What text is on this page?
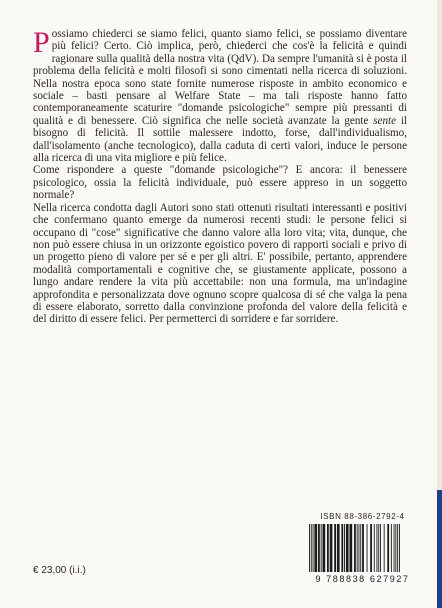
Possiamo chiederci se siamo felici, quanto siamo felici, se possiamo diventare più felici? Certo. Ciò implica, però, chiederci che cos'è la felicità e quindi ragionare sulla qualità della nostra vita (QdV). Da sempre l'umanità si è posta il problema della felicità e molti filosofi si sono cimentati nella ricerca di soluzioni. Nella nostra epoca sono state fornite numerose risposte in ambito economico e sociale – basti pensare al Welfare State – ma tali risposte hanno fatto contemporaneamente scaturire "domande psicologiche" sempre più pressanti di qualità e di benessere. Ciò significa che nelle società avanzate la gente sente il bisogno di felicità. Il sottile malessere indotto, forse, dall'individualismo, dall'isolamento (anche tecnologico), dalla caduta di certi valori, induce le persone alla ricerca di una vita migliore e più felice.

Come rispondere a queste "domande psicologiche"? E ancora: il benessere psicologico, ossia la felicità individuale, può essere appreso in un soggetto normale?

Nella ricerca condotta dagli Autori sono stati ottenuti risultati interessanti e positivi che confermano quanto emerge da numerosi recenti studi: le persone felici si occupano di "cose" significative che danno valore alla loro vita; vita, dunque, che non può essere chiusa in un orizzonte egoistico povero di rapporti sociali e privo di un progetto pieno di valore per sé e per gli altri. E' possibile, pertanto, apprendere modalità comportamentali e cognitive che, se giustamente applicate, possono a lungo andare rendere la vita più accettabile: non una formula, ma un'indagine approfondita e personalizzata dove ognuno scopre qualcosa di sé che valga la pena di essere elaborato, sorretto dalla convinzione profonda del valore della felicità e del diritto di essere felici. Per permetterci di sorridere e far sorridere.

ISBN 88-386-2792-4
9 788838 627927
€ 23,00 (i.i.)
